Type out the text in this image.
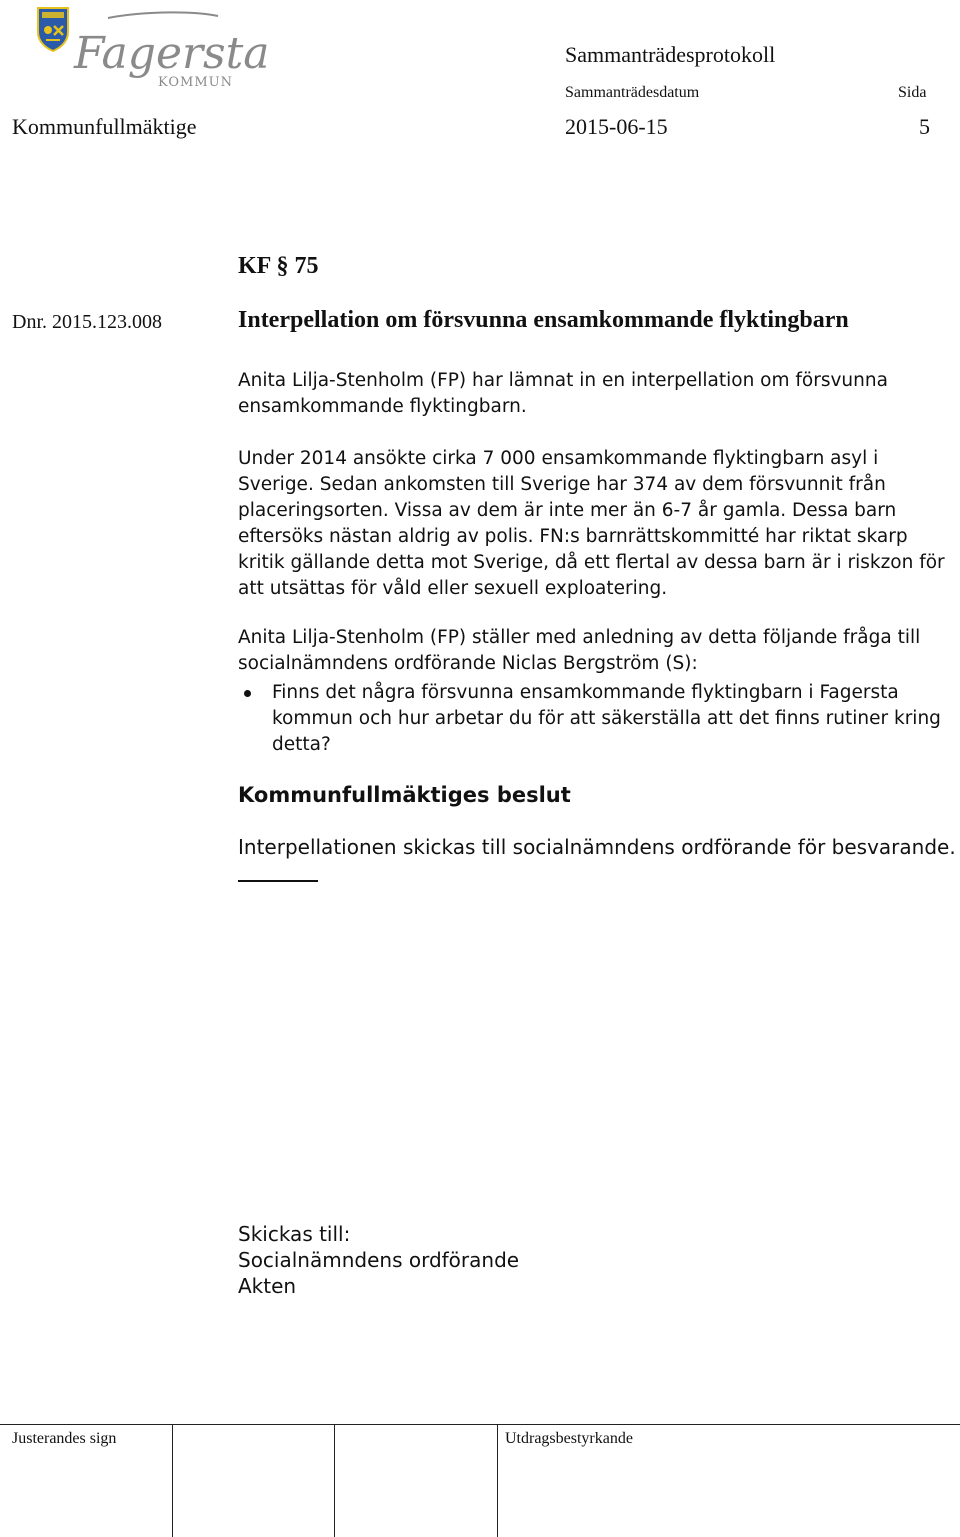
Fagersta
KOMMUN
Sammanträdesprotokoll
Sammanträdesdatum	Sida
Kommunfullmäktige	2015-06-15	5
KF § 75
Dnr. 2015.123.008	Interpellation om försvunna ensamkommande flyktingbarn
Anita Lilja-Stenholm (FP) har lämnat in en interpellation om försvunna ensamkommande flyktingbarn.
Under 2014 ansökte cirka 7 000 ensamkommande flyktingbarn asyl i Sverige. Sedan ankomsten till Sverige har 374 av dem försvunnit från placeringsorten. Vissa av dem är inte mer än 6-7 år gamla. Dessa barn eftersöks nästan aldrig av polis. FN:s barnrättskommitté har riktat skarp kritik gällande detta mot Sverige, då ett flertal av dessa barn är i riskzon för att utsättas för våld eller sexuell exploatering.
Anita Lilja-Stenholm (FP) ställer med anledning av detta följande fråga till socialnämndens ordförande Niclas Bergström (S):
Finns det några försvunna ensamkommande flyktingbarn i Fagersta kommun och hur arbetar du för att säkerställa att det finns rutiner kring detta?
Kommunfullmäktiges beslut
Interpellationen skickas till socialnämndens ordförande för besvarande.
Skickas till:
Socialnämndens ordförande
Akten
Justerandes sign	Utdragsbestyrkande
